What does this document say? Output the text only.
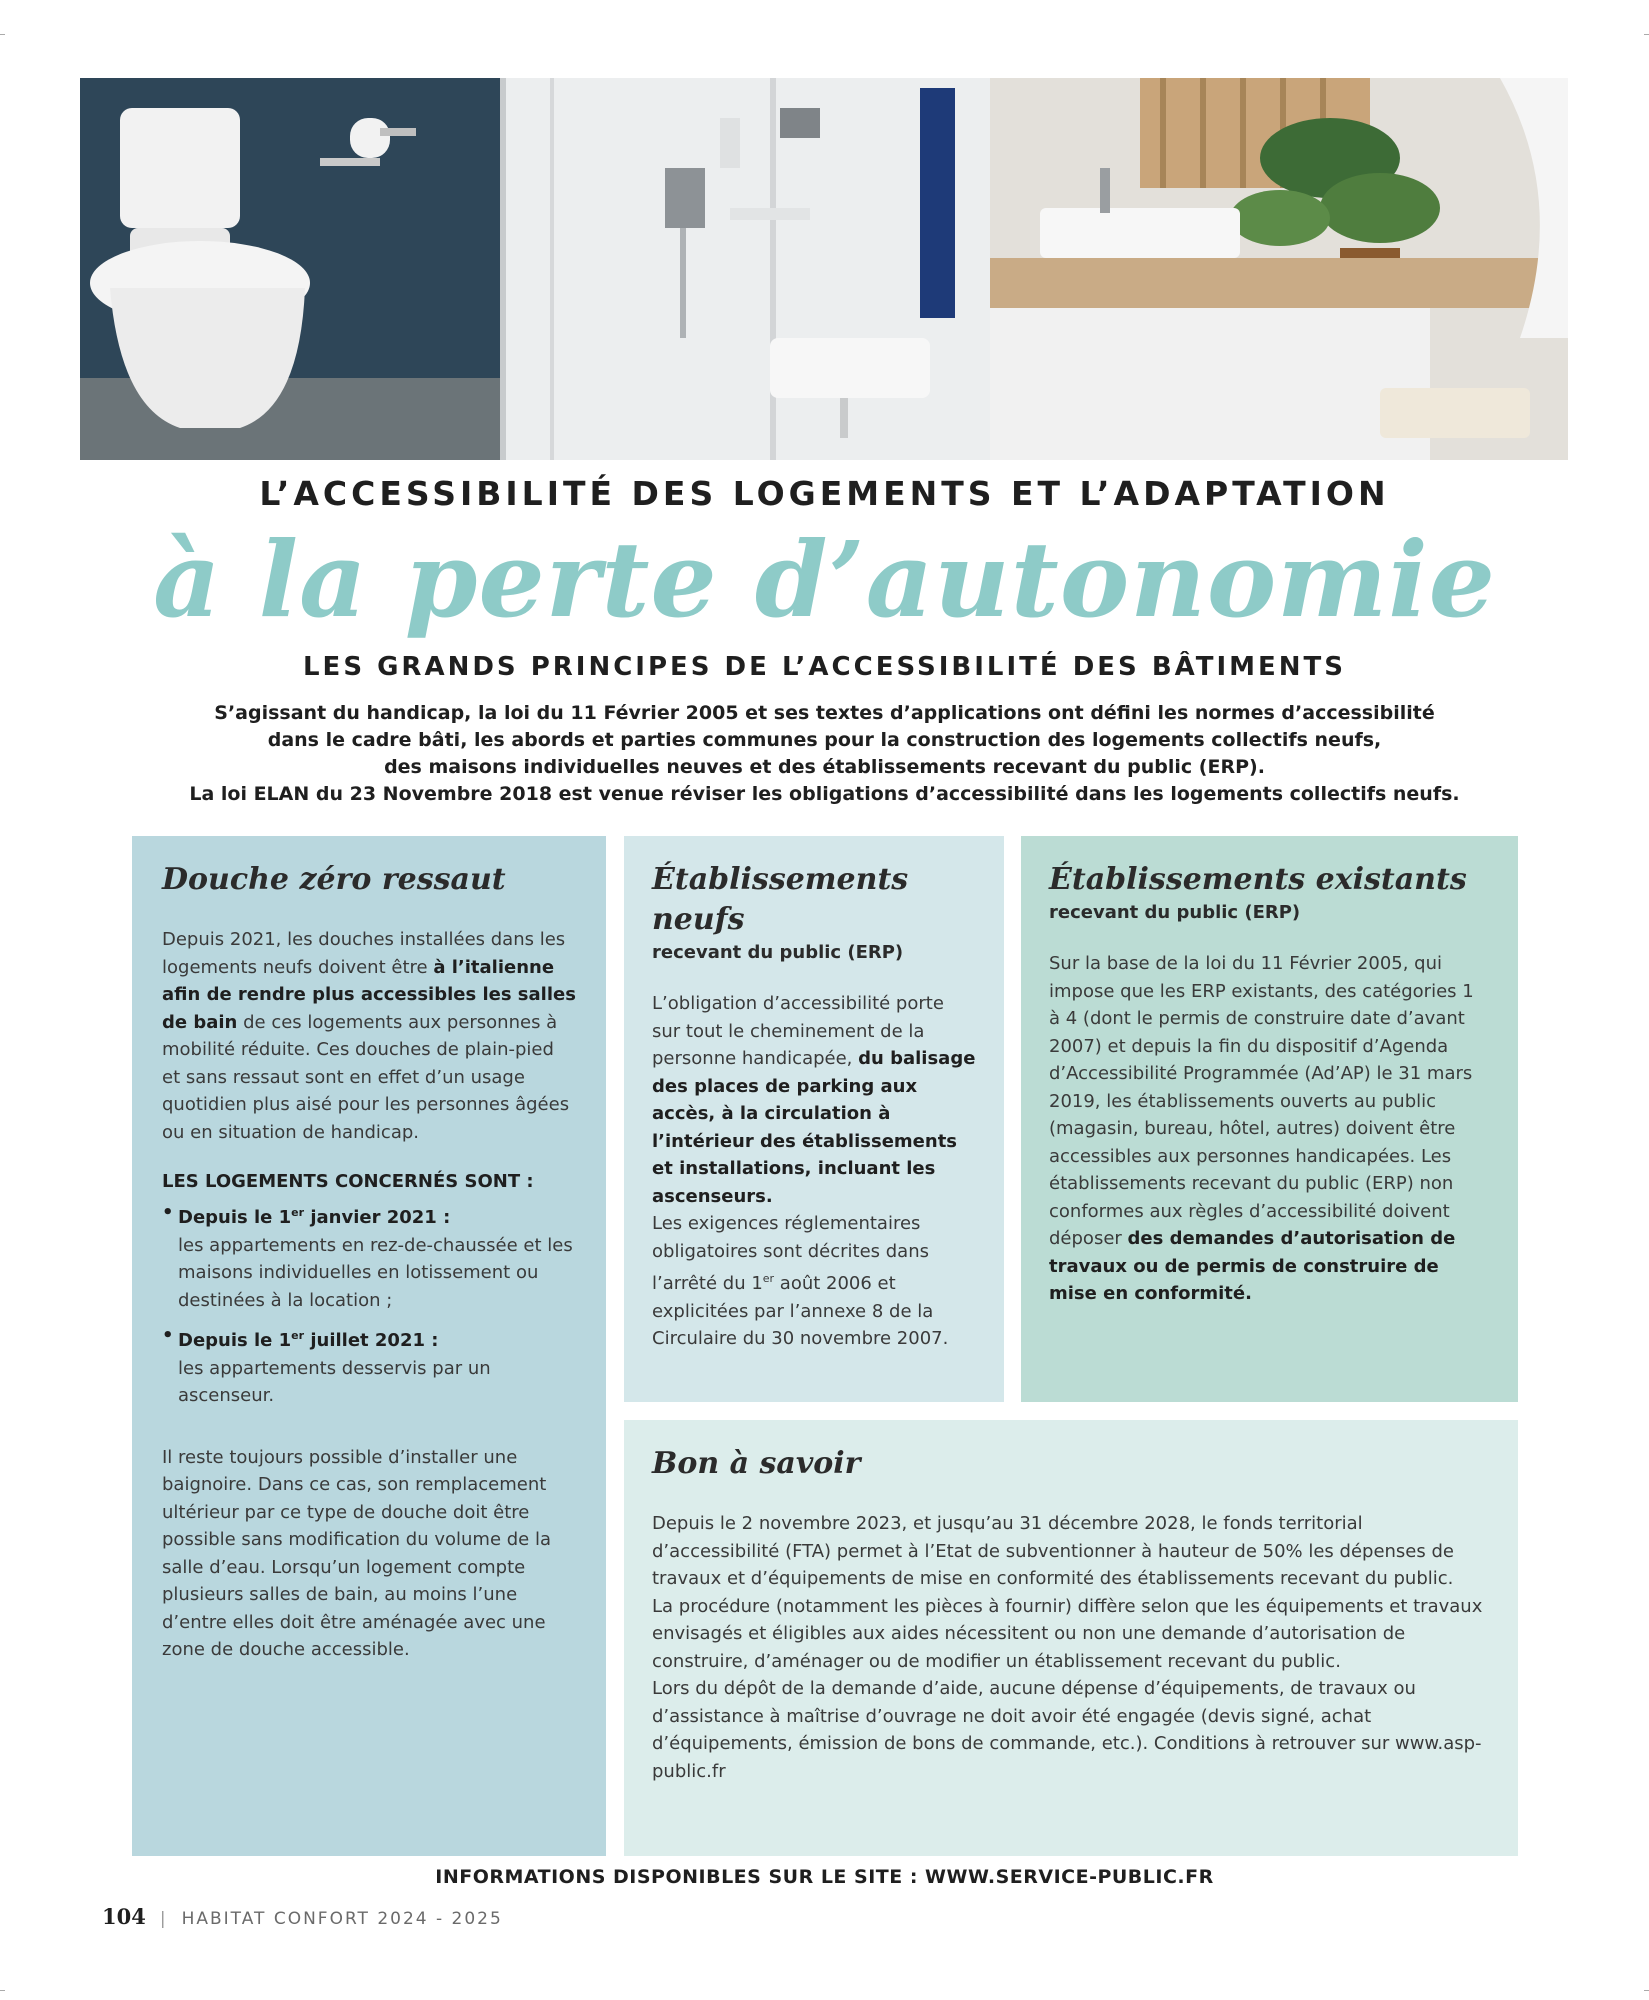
L’ACCESSIBILITÉ DES LOGEMENTS ET L’ADAPTATION
à la perte d’autonomie
LES GRANDS PRINCIPES DE L’ACCESSIBILITÉ DES BÂTIMENTS

S’agissant du handicap, la loi du 11 Février 2005 et ses textes d’applications ont défini les normes d’accessibilité

dans le cadre bâti, les abords et parties communes pour la construction des logements collectifs neufs,

des maisons individuelles neuves et des établissements recevant du public (ERP).

La loi ELAN du 23 Novembre 2018 est venue réviser les obligations d’accessibilité dans les logements collectifs neufs.

Douche zéro ressaut

Depuis 2021, les douches installées dans les logements neufs doivent être à l’italienne afin de rendre plus accessibles les salles de bain de ces logements aux personnes à mobilité réduite. Ces douches de plain-pied et sans ressaut sont en effet d’un usage quotidien plus aisé pour les personnes âgées ou en situation de handicap.

LES LOGEMENTS CONCERNÉS SONT :
• Depuis le 1er janvier 2021 :
les appartements en rez-de-chaussée et les maisons individuelles en lotissement ou destinées à la location ;
• Depuis le 1er juillet 2021 :
les appartements desservis par un ascenseur.

Il reste toujours possible d’installer une baignoire. Dans ce cas, son remplacement ultérieur par ce type de douche doit être possible sans modification du volume de la salle d’eau. Lorsqu’un logement compte plusieurs salles de bain, au moins l’une d’entre elles doit être aménagée avec une zone de douche accessible.

Établissements neufs
recevant du public (ERP)

L’obligation d’accessibilité porte sur tout le cheminement de la personne handicapée, du balisage des places de parking aux accès, à la circulation à l’intérieur des établissements et installations, incluant les ascenseurs.

Les exigences réglementaires obligatoires sont décrites dans l’arrêté du 1er août 2006 et explicitées par l’annexe 8 de la Circulaire du 30 novembre 2007.

Établissements existants
recevant du public (ERP)

Sur la base de la loi du 11 Février 2005, qui impose que les ERP existants, des catégories 1 à 4 (dont le permis de construire date d’avant 2007) et depuis la fin du dispositif d’Agenda d’Accessibilité Programmée (Ad’AP) le 31 mars 2019, les établissements ouverts au public (magasin, bureau, hôtel, autres) doivent être accessibles aux personnes handicapées. Les établissements recevant du public (ERP) non conformes aux règles d’accessibilité doivent déposer des demandes d’autorisation de travaux ou de permis de construire de mise en conformité.

Bon à savoir

Depuis le 2 novembre 2023, et jusqu’au 31 décembre 2028, le fonds territorial d’accessibilité (FTA) permet à l’Etat de subventionner à hauteur de 50% les dépenses de travaux et d’équipements de mise en conformité des établissements recevant du public.

La procédure (notamment les pièces à fournir) diffère selon que les équipements et travaux envisagés et éligibles aux aides nécessitent ou non une demande d’autorisation de construire, d’aménager ou de modifier un établissement recevant du public.

Lors du dépôt de la demande d’aide, aucune dépense d’équipements, de travaux ou d’assistance à maîtrise d’ouvrage ne doit avoir été engagée (devis signé, achat d’équipements, émission de bons de commande, etc.). Conditions à retrouver sur www.asp-public.fr

INFORMATIONS DISPONIBLES SUR LE SITE : WWW.SERVICE-PUBLIC.FR
104 | HABITAT CONFORT 2024 - 2025
